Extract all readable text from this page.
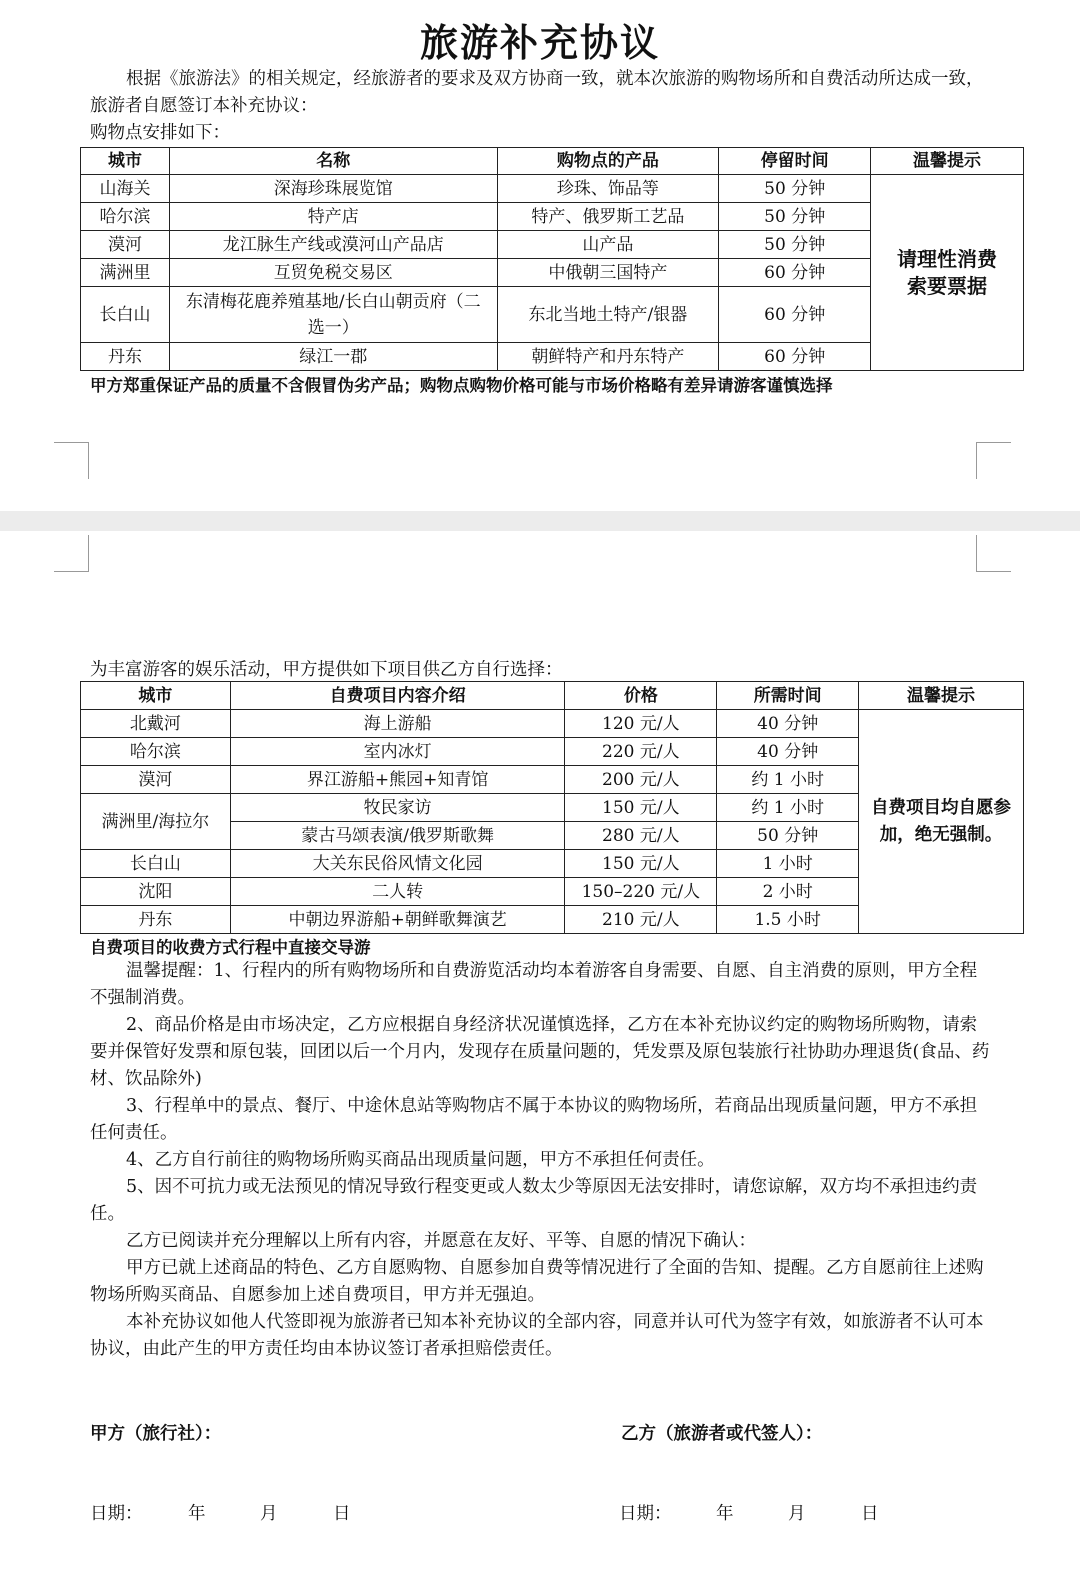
旅游补充协议
根据《旅游法》的相关规定，经旅游者的要求及双方协商一致，就本次旅游的购物场所和自费活动所达成一致，旅游者自愿签订本补充协议：
购物点安排如下：
城市	名称	购物点的产品	停留时间	温馨提示
山海关	深海珍珠展览馆	珍珠、饰品等	50 分钟	请理性消费索要票据
哈尔滨	特产店	特产、俄罗斯工艺品	50 分钟	
漠河	龙江脉生产线或漠河山产品店	山产品	50 分钟	
满洲里	互贸免税交易区	中俄朝三国特产	60 分钟	
长白山	东清梅花鹿养殖基地/长白山朝贡府（二选一）	东北当地土特产/银器	60 分钟	
丹东	绿江一郡	朝鲜特产和丹东特产	60 分钟	
甲方郑重保证产品的质量不含假冒伪劣产品；购物点购物价格可能与市场价格略有差异请游客谨慎选择
为丰富游客的娱乐活动，甲方提供如下项目供乙方自行选择：
城市	自费项目内容介绍	价格	所需时间	温馨提示
北戴河	海上游船	120 元/人	40 分钟	自费项目均自愿参加，绝无强制。
哈尔滨	室内冰灯	220 元/人	40 分钟	
漠河	界江游船+熊园+知青馆	200 元/人	约 1 小时	
满洲里/海拉尔	牧民家访	150 元/人	约 1 小时	
	蒙古马颂表演/俄罗斯歌舞	280 元/人	50 分钟	
长白山	大关东民俗风情文化园	150 元/人	1 小时	
沈阳	二人转	150–220 元/人	2 小时	
丹东	中朝边界游船+朝鲜歌舞演艺	210 元/人	1.5 小时	
自费项目的收费方式行程中直接交导游
温馨提醒：1、行程内的所有购物场所和自费游览活动均本着游客自身需要、自愿、自主消费的原则，甲方全程不强制消费。
2、商品价格是由市场决定，乙方应根据自身经济状况谨慎选择，乙方在本补充协议约定的购物场所购物，请索要并保管好发票和原包装，回团以后一个月内，发现存在质量问题的，凭发票及原包装旅行社协助办理退货(食品、药材、饮品除外)
3、行程单中的景点、餐厅、中途休息站等购物店不属于本协议的购物场所，若商品出现质量问题，甲方不承担任何责任。
4、乙方自行前往的购物场所购买商品出现质量问题，甲方不承担任何责任。
5、因不可抗力或无法预见的情况导致行程变更或人数太少等原因无法安排时，请您谅解，双方均不承担违约责任。
乙方已阅读并充分理解以上所有内容，并愿意在友好、平等、自愿的情况下确认：
甲方已就上述商品的特色、乙方自愿购物、自愿参加自费等情况进行了全面的告知、提醒。乙方自愿前往上述购物场所购买商品、自愿参加上述自费项目，甲方并无强迫。
本补充协议如他人代签即视为旅游者已知本补充协议的全部内容，同意并认可代为签字有效，如旅游者不认可本协议，由此产生的甲方责任均由本协议签订者承担赔偿责任。
甲方（旅行社）：	乙方（旅游者或代签人）：
日期：	年	月	日	日期：	年	月	日
